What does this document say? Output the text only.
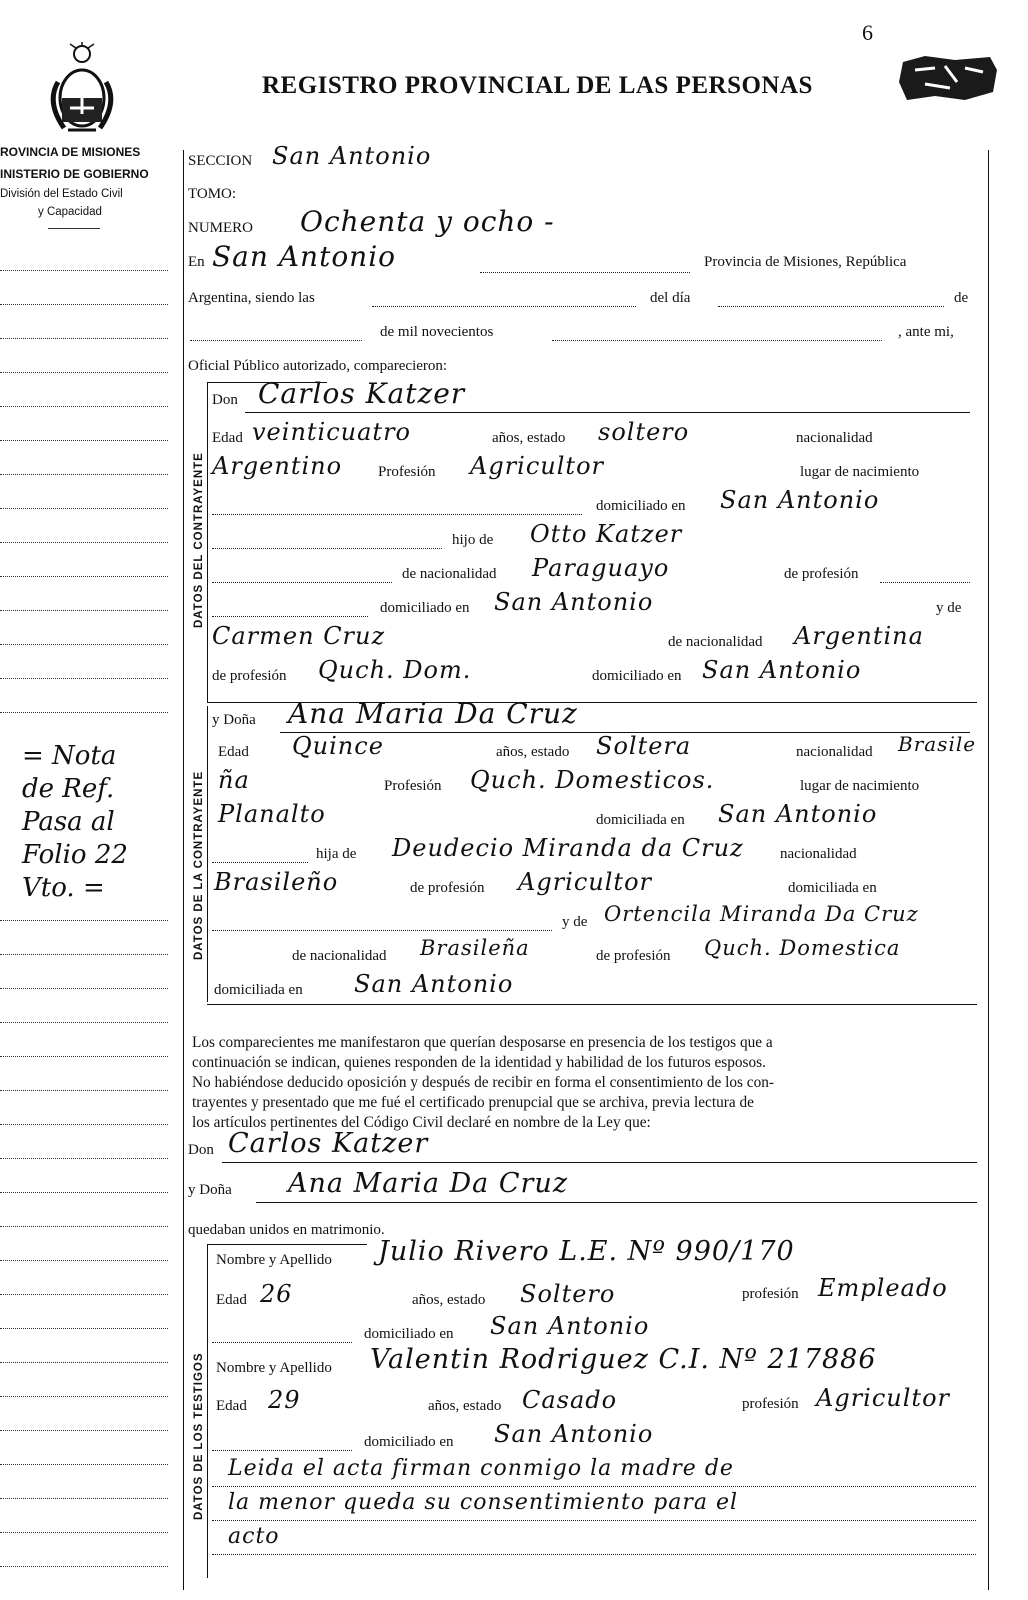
6
REGISTRO PROVINCIAL DE LAS PERSONAS
ROVINCIA DE MISIONES
INISTERIO DE GOBIERNO
División del Estado Civil
y Capacidad
= Nota
de Ref.
Pasa al
Folio 22
Vto. =
SECCION San Antonio
TOMO:
NUMERO Ochenta y ocho -
En San Antonio	Provincia de Misiones, República
Argentina, siendo las	del día	de
de mil novecientos	, ante mi,
Oficial Público autorizado, comparecieron:
DATOS DEL CONTRAYENTE
Don Carlos Katzer
Edad veinticuatro	años, estado soltero	nacionalidad
Argentino Profesión Agricultor	lugar de nacimiento
domiciliado en San Antonio
hijo de Otto Katzer
de nacionalidad Paraguayo	de profesión
domiciliado en San Antonio	y de
Carmen Cruz	de nacionalidad Argentina
de profesión Quch. Dom.	domiciliado en San Antonio
DATOS DE LA CONTRAYENTE
y Doña Ana Maria Da Cruz
Edad Quince	años, estado Soltera	nacionalidad Brasile
ña	Profesión Quch. Domesticos.	lugar de nacimiento
Planalto	domiciliada en San Antonio
hija de Deudecio Miranda da Cruz nacionalidad
Brasileño	de profesión Agricultor	domiciliada en
y de Ortencila Miranda Da Cruz
de nacionalidad Brasileña	de profesión Quch. Domestica
domiciliada en San Antonio

Los comparecientes me manifestaron que querían desposarse en presencia de los testigos que a

continuación se indican, quienes responden de la identidad y habilidad de los futuros esposos.

No habiéndose deducido oposición y después de recibir en forma el consentimiento de los con-

trayentes y presentado que me fué el certificado prenupcial que se archiva, previa lectura de

los artículos pertinentes del Código Civil declaré en nombre de la Ley que:

Don Carlos Katzer
y Doña Ana Maria Da Cruz
quedaban unidos en matrimonio.
DATOS DE LOS TESTIGOS
Nombre y Apellido Julio Rivero L.E. Nº 990/170
Edad 26	años, estado Soltero	profesión Empleado
domiciliado en San Antonio
Nombre y Apellido Valentin Rodriguez C.I. Nº 217886
Edad 29	años, estado Casado	profesión Agricultor
domiciliado en San Antonio
Leida el acta firman conmigo la madre de
la menor queda su consentimiento para el
acto
